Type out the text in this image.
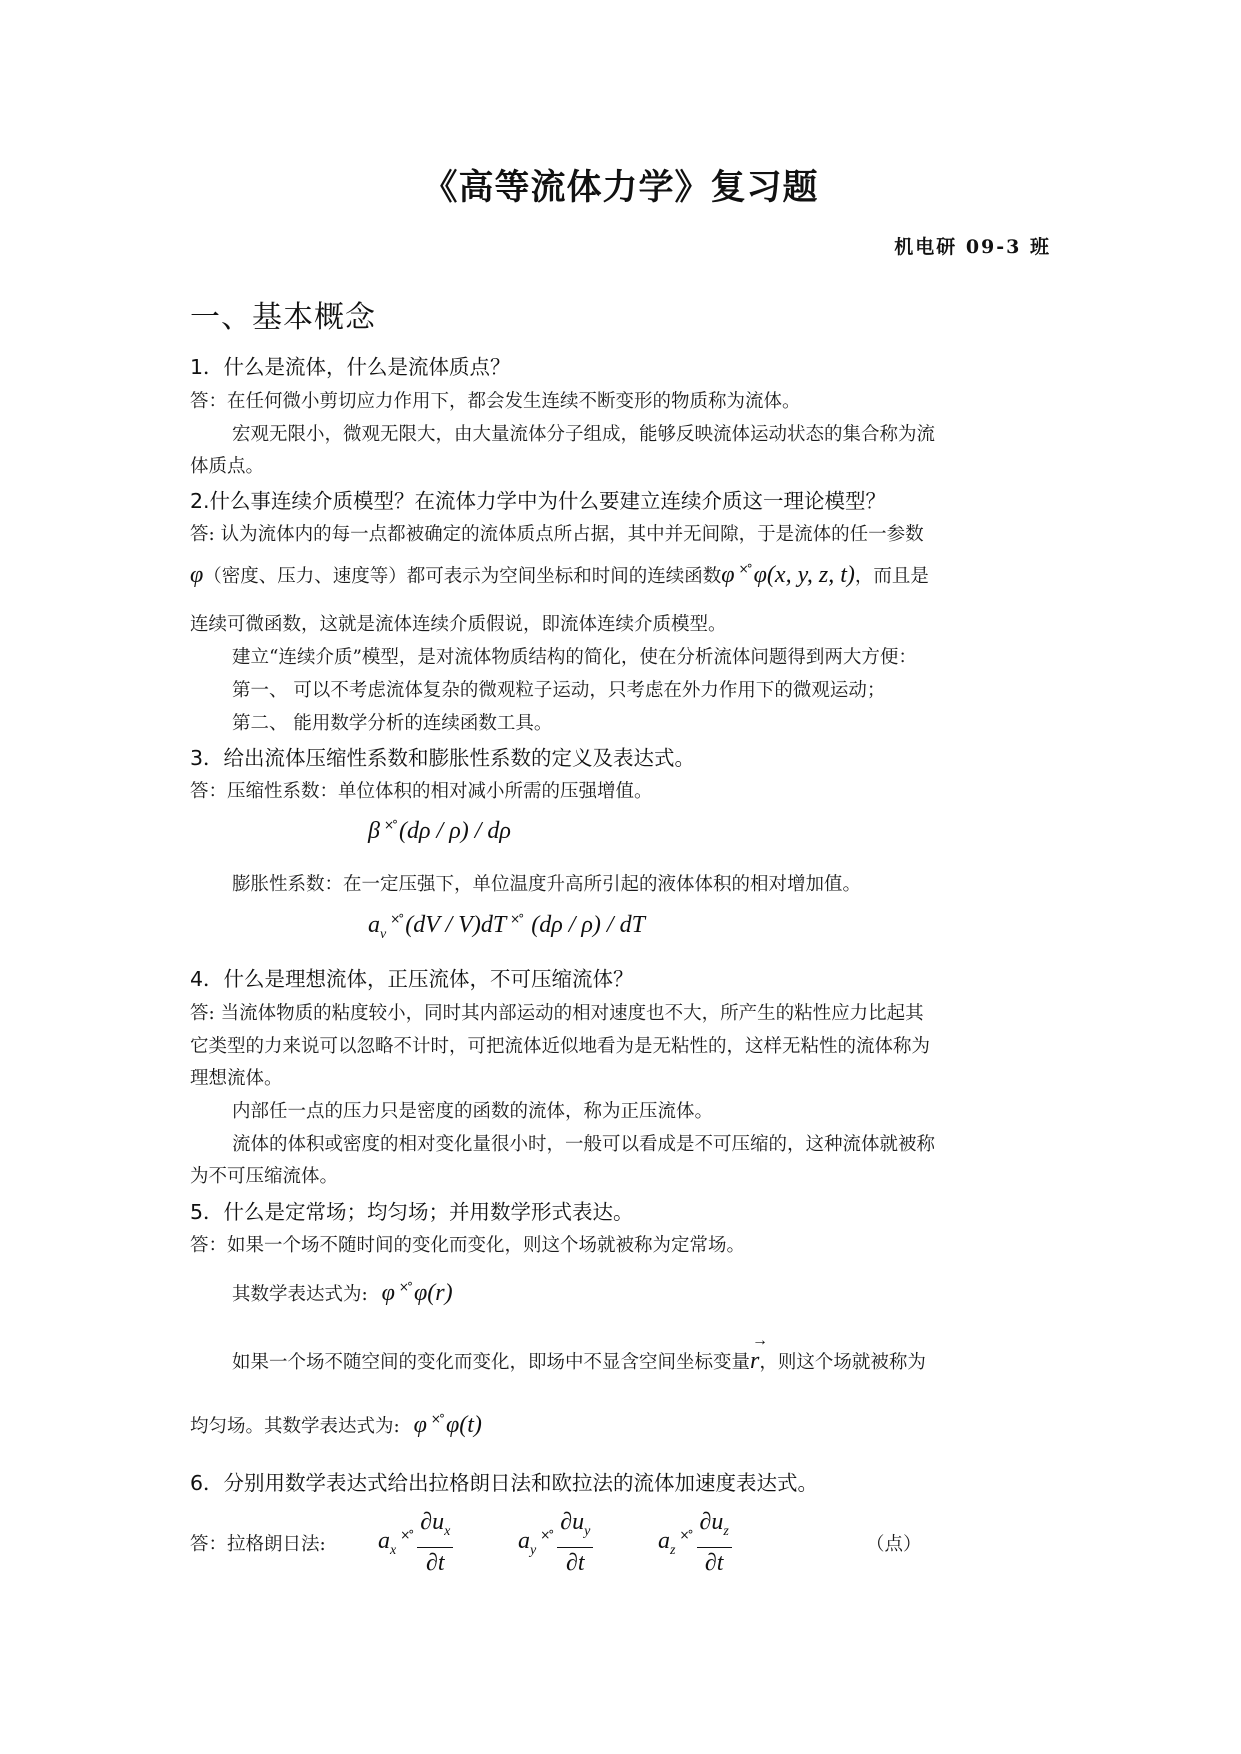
《高等流体力学》复习题
机电研 09-3 班
一、基本概念
1．什么是流体，什么是流体质点？
答：在任何微小剪切应力作用下，都会发生连续不断变形的物质称为流体。
宏观无限小，微观无限大，由大量流体分子组成，能够反映流体运动状态的集合称为流
体质点。
2.什么事连续介质模型？在流体力学中为什么要建立连续介质这一理论模型？
答: 认为流体内的每一点都被确定的流体质点所占据，其中并无间隙，于是流体的任一参数
φ（密度、压力、速度等）都可表示为空间坐标和时间的连续函数φ ×° φ(x, y, z, t)，而且是
连续可微函数，这就是流体连续介质假说，即流体连续介质模型。
建立“连续介质”模型，是对流体物质结构的简化，使在分析流体问题得到两大方便：
第一、 可以不考虑流体复杂的微观粒子运动，只考虑在外力作用下的微观运动；
第二、 能用数学分析的连续函数工具。
3．给出流体压缩性系数和膨胀性系数的定义及表达式。
答：压缩性系数：单位体积的相对减小所需的压强增值。
β ×° (dρ / ρ) / dρ
膨胀性系数：在一定压强下，单位温度升高所引起的液体体积的相对增加值。
$a_v^{\times^\circ}$ (dV / V)dT ×° (dρ / ρ) / dT
4．什么是理想流体，正压流体，不可压缩流体？
答: 当流体物质的粘度较小，同时其内部运动的相对速度也不大，所产生的粘性应力比起其
它类型的力来说可以忽略不计时，可把流体近似地看为是无粘性的，这样无粘性的流体称为
理想流体。
内部任一点的压力只是密度的函数的流体，称为正压流体。
流体的体积或密度的相对变化量很小时，一般可以看成是不可压缩的，这种流体就被称
为不可压缩流体。
5．什么是定常场；均匀场；并用数学形式表达。
答：如果一个场不随时间的变化而变化，则这个场就被称为定常场。
其数学表达式为: φ ×° φ(r)
如果一个场不随空间的变化而变化，即场中不显含空间坐标变量
→
r，则这个场就被称为
均匀场。其数学表达式为: φ ×° φ(t)
6．分别用数学表达式给出拉格朗日法和欧拉法的流体加速度表达式。
答：拉格朗日法: $a_x^{\times^\circ} \frac{\partial u_x}{\partial t}$	$a_y^{\times^\circ} \frac{\partial u_y}{\partial t}$	$a_z^{\times^\circ} \frac{\partial u_z}{\partial t}$	（点）
